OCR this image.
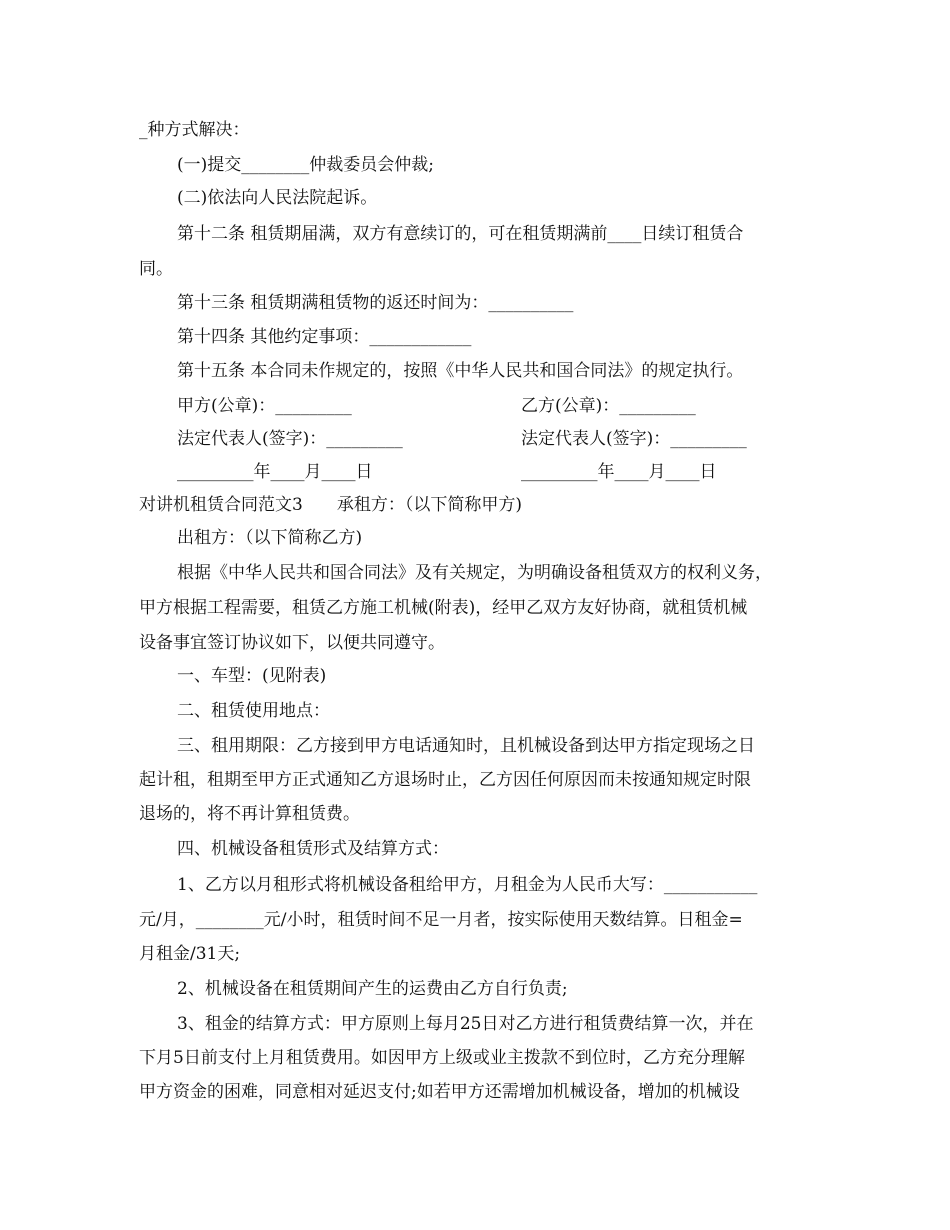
_种方式解决：
(一)提交________仲裁委员会仲裁;
(二)依法向人民法院起诉。
第十二条 租赁期届满，双方有意续订的，可在租赁期满前____日续订租赁合
同。
第十三条 租赁期满租赁物的返还时间为：__________
第十四条 其他约定事项：____________
第十五条 本合同未作规定的，按照《中华人民共和国合同法》的规定执行。
甲方(公章)：_________	乙方(公章)：_________
法定代表人(签字)：_________	法定代表人(签字)：_________
_________年____月____日	_________年____月____日
对讲机租赁合同范文3　　承租方：（以下简称甲方)
出租方：（以下简称乙方)
根据《中华人民共和国合同法》及有关规定，为明确设备租赁双方的权利义务，
甲方根据工程需要，租赁乙方施工机械(附表)，经甲乙双方友好协商，就租赁机械
设备事宜签订协议如下，以便共同遵守。
一、车型：(见附表)
二、租赁使用地点：
三、租用期限：乙方接到甲方电话通知时，且机械设备到达甲方指定现场之日
起计租，租期至甲方正式通知乙方退场时止，乙方因任何原因而未按通知规定时限
退场的，将不再计算租赁费。
四、机械设备租赁形式及结算方式：
1、乙方以月租形式将机械设备租给甲方，月租金为人民币大写：___________
元/月，________元/小时，租赁时间不足一月者，按实际使用天数结算。日租金=
月租金/31天;
2、机械设备在租赁期间产生的运费由乙方自行负责;
3、租金的结算方式：甲方原则上每月25日对乙方进行租赁费结算一次，并在
下月5日前支付上月租赁费用。如因甲方上级或业主拨款不到位时，乙方充分理解
甲方资金的困难，同意相对延迟支付;如若甲方还需增加机械设备，增加的机械设
